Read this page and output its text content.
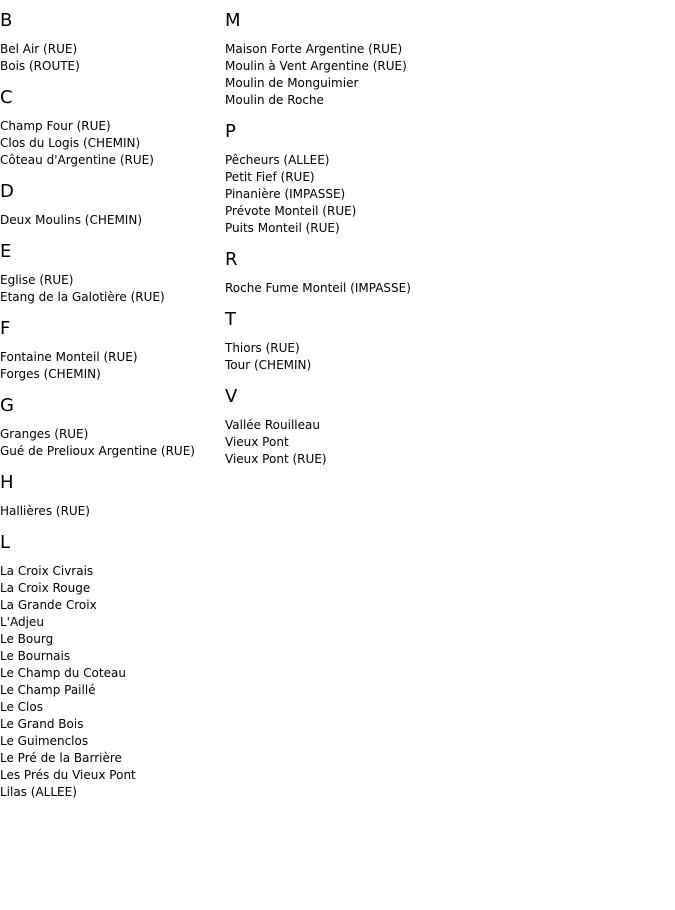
B
Bel Air (RUE)
Bois (ROUTE)
C
Champ Four (RUE)
Clos du Logis (CHEMIN)
Côteau d'Argentine (RUE)
D
Deux Moulins (CHEMIN)
E
Eglise (RUE)
Etang de la Galotière (RUE)
F
Fontaine Monteil (RUE)
Forges (CHEMIN)
G
Granges (RUE)
Gué de Prelioux Argentine (RUE)
H
Hallières (RUE)
L
La Croix Civrais
La Croix Rouge
La Grande Croix
L'Adjeu
Le Bourg
Le Bournais
Le Champ du Coteau
Le Champ Paillé
Le Clos
Le Grand Bois
Le Guimenclos
Le Pré de la Barrière
Les Prés du Vieux Pont
Lilas (ALLEE)
M
Maison Forte Argentine (RUE)
Moulin à Vent Argentine (RUE)
Moulin de Monguimier
Moulin de Roche
P
Pêcheurs (ALLEE)
Petit Fief (RUE)
Pinanière (IMPASSE)
Prévote Monteil (RUE)
Puits Monteil (RUE)
R
Roche Fume Monteil (IMPASSE)
T
Thiors (RUE)
Tour (CHEMIN)
V
Vallée Rouilleau
Vieux Pont
Vieux Pont (RUE)
